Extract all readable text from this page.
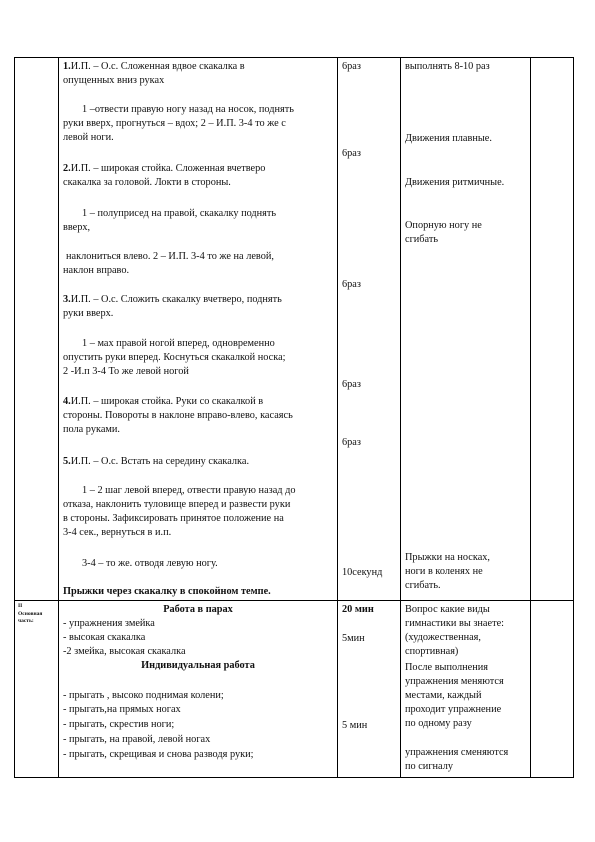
1.И.П. – О.с. Сложенная вдвое скакалка в
опущенных вниз руках
1 –отвести правую ногу назад на носок, поднять
руки вверх, прогнуться – вдох; 2 – И.П. 3-4 то же с
левой ноги.
2.И.П. – широкая стойка. Сложенная вчетверо
скакалка за головой. Локти в стороны.
1 – полуприсед на правой, скакалку поднять
вверх,
наклониться влево. 2 – И.П. 3-4 то же на левой,
наклон вправо.
3.И.П. – О.с. Сложить скакалку вчетверо, поднять
руки вверх.
1 – мах правой ногой вперед, одновременно
опустить руки вперед. Коснуться скакалкой носка;
2 -И.п 3-4 То же левой ногой
4.И.П. – широкая стойка. Руки со скакалкой в
стороны. Повороты в наклоне вправо-влево, касаясь
пола руками.
5.И.П. – О.с. Встать на середину скакалка.
1 – 2 шаг левой вперед, отвести правую назад до
отказа, наклонить туловище вперед и развести руки
в стороны. Зафиксировать принятое положение на
3-4 сек., вернуться в и.п.
3-4 – то же. отводя левую ногу.
Прыжки через скакалку в спокойном темпе.
6раз
6раз
6раз
6раз
6раз
10секунд
выполнять 8-10 раз
Движения плавные.
Движения ритмичные.
Опорную ногу не
сгибать
Прыжки на носках,
ноги в коленях не
сгибать.
II
Основная часть:
Работа в парах
- упражнения змейка
- высокая скакалка
-2 змейка, высокая скакалка
Индивидуальная работа
- прыгать , высоко поднимая колени;
- прыгать,на прямых ногах
- прыгать, скрестив ноги;
- прыгать, на правой, левой ногах
- прыгать, скрещивая и снова разводя руки;
20 мин
5мин
5 мин
Вопрос какие виды
гимнастики вы знаете:
(художественная,
спортивная)
После выполнения
упражнения меняются
местами, каждый
проходит упражнение
по одному разу
упражнения сменяются
по сигналу
